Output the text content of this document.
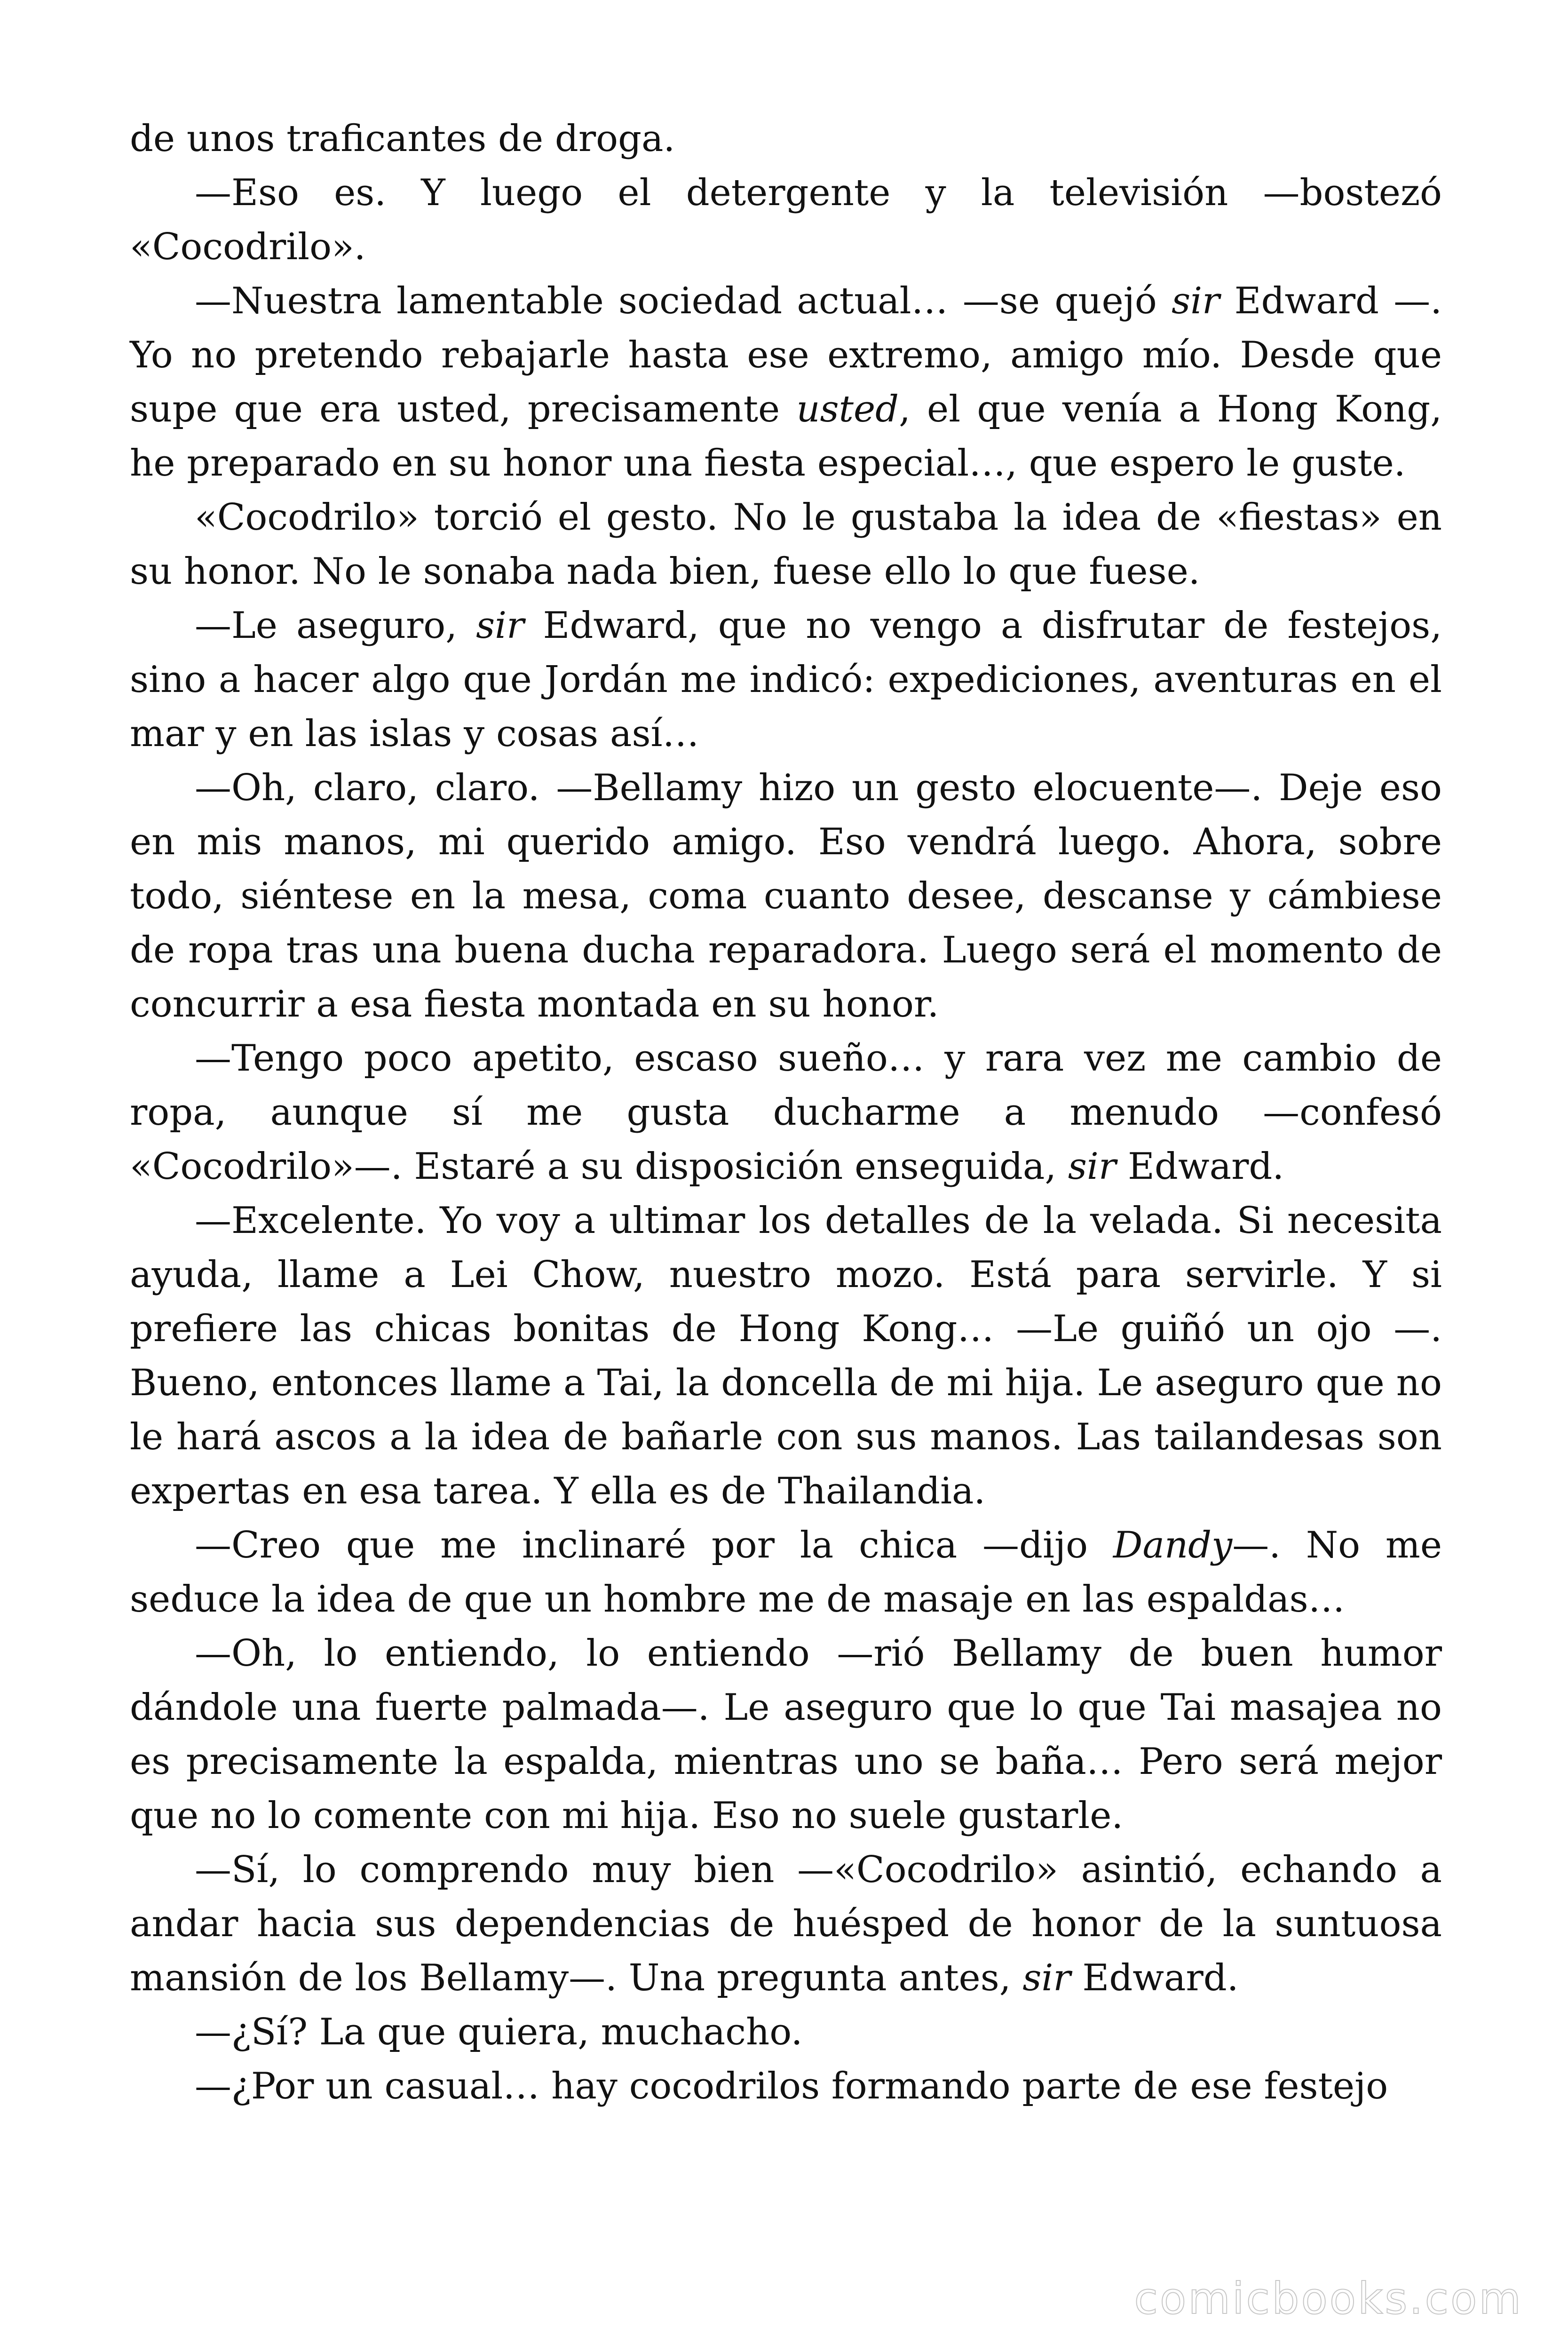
de unos traficantes de droga.

—Eso es. Y luego el detergente y la televisión —bostezó «Cocodrilo».

—Nuestra lamentable sociedad actual… —se quejó sir Edward —. Yo no pretendo rebajarle hasta ese extremo, amigo mío. Desde que supe que era usted, precisamente usted, el que venía a Hong Kong, he preparado en su honor una fiesta especial…, que espero le guste.

«Cocodrilo» torció el gesto. No le gustaba la idea de «fiestas» en su honor. No le sonaba nada bien, fuese ello lo que fuese.

—Le aseguro, sir Edward, que no vengo a disfrutar de festejos, sino a hacer algo que Jordán me indicó: expediciones, aventuras en el mar y en las islas y cosas así…

—Oh, claro, claro. —Bellamy hizo un gesto elocuente—. Deje eso en mis manos, mi querido amigo. Eso vendrá luego. Ahora, sobre todo, siéntese en la mesa, coma cuanto desee, descanse y cámbiese de ropa tras una buena ducha reparadora. Luego será el momento de concurrir a esa fiesta montada en su honor.

—Tengo poco apetito, escaso sueño… y rara vez me cambio de ropa, aunque sí me gusta ducharme a menudo —confesó «Cocodrilo»—. Estaré a su disposición enseguida, sir Edward.

—Excelente. Yo voy a ultimar los detalles de la velada. Si necesita ayuda, llame a Lei Chow, nuestro mozo. Está para servirle. Y si prefiere las chicas bonitas de Hong Kong… —Le guiñó un ojo —. Bueno, entonces llame a Tai, la doncella de mi hija. Le aseguro que no le hará ascos a la idea de bañarle con sus manos. Las tailandesas son expertas en esa tarea. Y ella es de Thailandia.

—Creo que me inclinaré por la chica —dijo Dandy—. No me seduce la idea de que un hombre me de masaje en las espaldas…

—Oh, lo entiendo, lo entiendo —rió Bellamy de buen humor dándole una fuerte palmada—. Le aseguro que lo que Tai masajea no es precisamente la espalda, mientras uno se baña… Pero será mejor que no lo comente con mi hija. Eso no suele gustarle.

—Sí, lo comprendo muy bien —«Cocodrilo» asintió, echando a andar hacia sus dependencias de huésped de honor de la suntuosa mansión de los Bellamy—. Una pregunta antes, sir Edward.

—¿Sí? La que quiera, muchacho.

—¿Por un casual… hay cocodrilos formando parte de ese festejo

comicbooks.com
